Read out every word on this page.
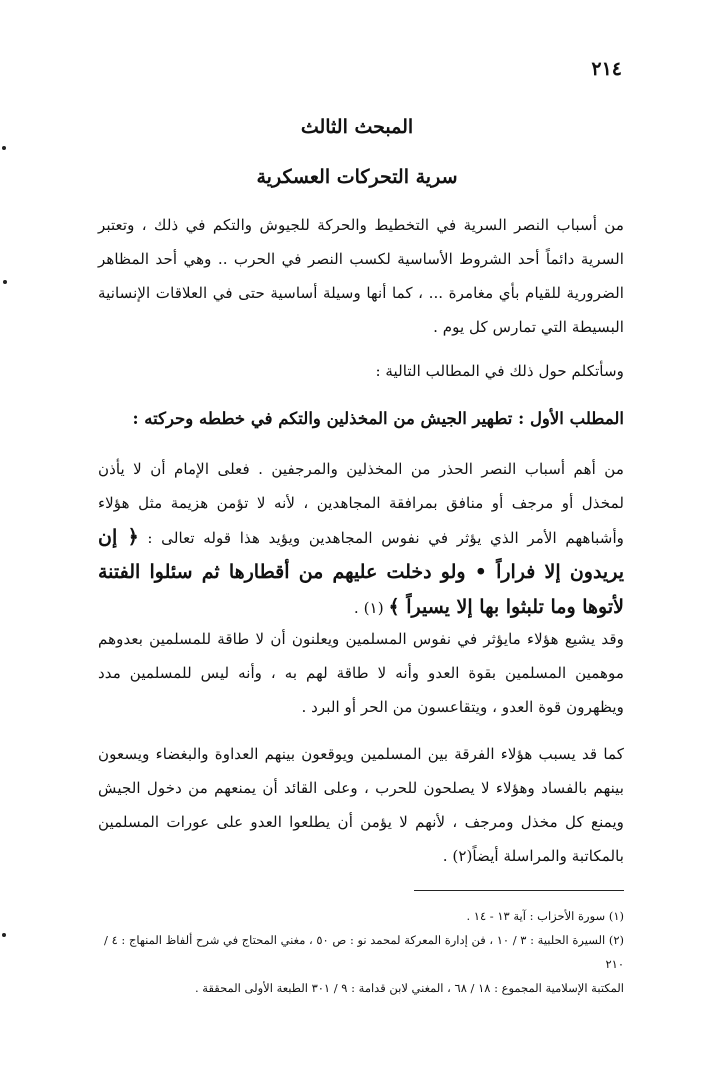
٢١٤
المبحث الثالث
سرية التحركات العسكرية
من أسباب النصر السرية في التخطيط والحركة للجيوش والتكم في ذلك ، وتعتبر السرية دائماً أحد الشروط الأساسية لكسب النصر في الحرب .. وهي أحد المظاهر الضرورية للقيام بأي مغامرة ... ، كما أنها وسيلة أساسية حتى في العلاقات الإنسانية البسيطة التي تمارس كل يوم .
وسأتكلم حول ذلك في المطالب التالية :
المطلب الأول : تطهير الجيش من المخذلين والتكم في خططه وحركته :
من أهم أسباب النصر الحذر من المخذلين والمرجفين . فعلى الإمام أن لا يأذن لمخذل أو مرجف أو منافق بمرافقة المجاهدين ، لأنه لا تؤمن هزيمة مثل هؤلاء وأشباههم الأمر الذي يؤثر في نفوس المجاهدين ويؤيد هذا قوله تعالى : ﴿ إن يريدون إلا فراراً • ولو دخلت عليهم من أقطارها ثم سئلوا الفتنة لأتوها وما تلبثوا بها إلا يسيراً ﴾ (١) .
وقد يشيع هؤلاء مايؤثر في نفوس المسلمين ويعلنون أن لا طاقة للمسلمين بعدوهم موهمين المسلمين بقوة العدو وأنه لا طاقة لهم به ، وأنه ليس للمسلمين مدد ويظهرون قوة العدو ، ويتقاعسون من الحر أو البرد .
كما قد يسبب هؤلاء الفرقة بين المسلمين ويوقعون بينهم العداوة والبغضاء ويسعون بينهم بالفساد وهؤلاء لا يصلحون للحرب ، وعلى القائد أن يمنعهم من دخول الجيش ويمنع كل مخذل ومرجف ، لأنهم لا يؤمن أن يطلعوا العدو على عورات المسلمين بالمكاتبة والمراسلة أيضاً(٢) .
(١) سورة الأحزاب : آية ١٣ - ١٤ .
(٢) السيرة الحلبية : ٣ / ١٠ ، فن إدارة المعركة لمحمد نو : ص ٥٠ ، مغني المحتاج في شرح ألفاظ المنهاج : ٤ / ٢١٠
المكتبة الإسلامية المجموع : ١٨ / ٦٨ ، المغني لابن قدامة : ٩ / ٣٠١ الطبعة الأولى المحققة .
